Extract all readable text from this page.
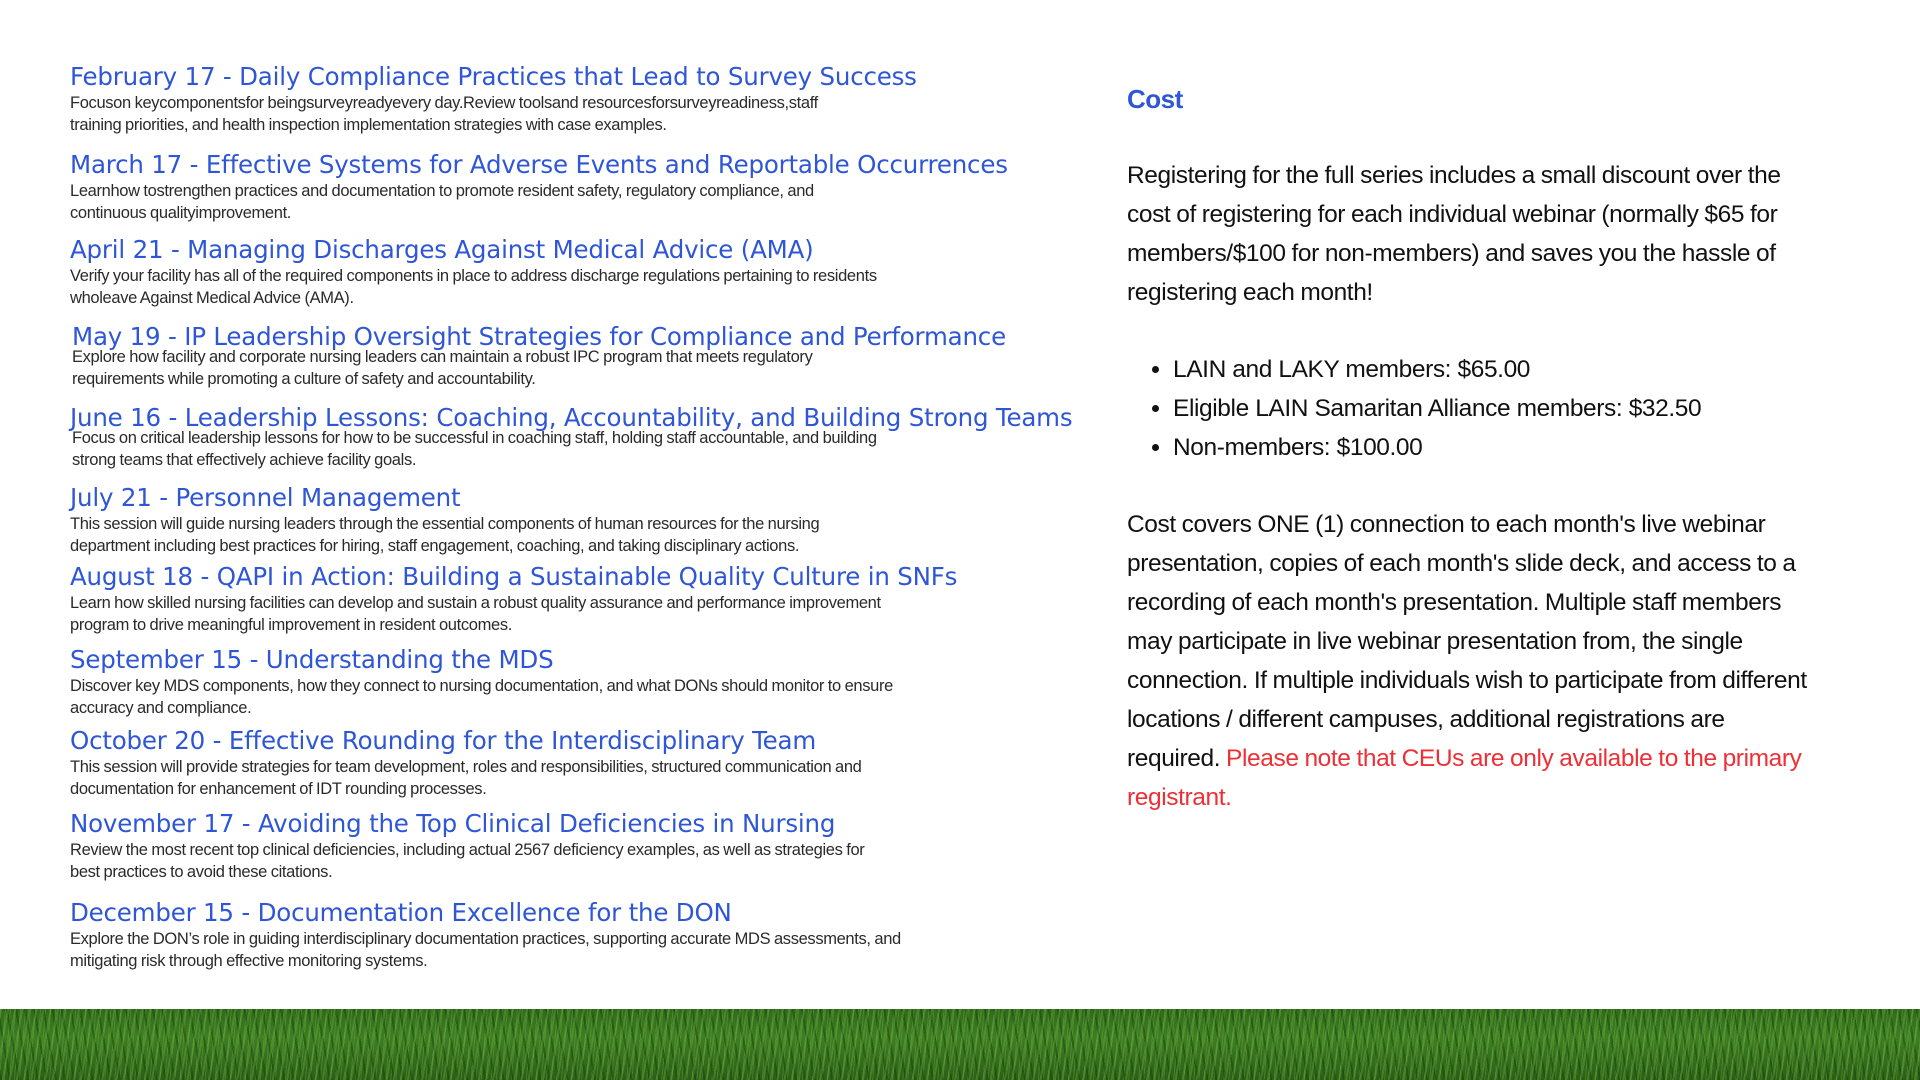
February 17 - Daily Compliance Practices that Lead to Survey Success
Focuson keycomponentsfor beingsurveyreadyevery day.Review toolsand resourcesforsurveyreadiness,staff
training priorities, and health inspection implementation strategies with case examples.
March 17 - Effective Systems for Adverse Events and Reportable Occurrences
Learnhow tostrengthen practices and documentation to promote resident safety, regulatory compliance, and
continuous qualityimprovement.
April 21 - Managing Discharges Against Medical Advice (AMA)
Verify your facility has all of the required components in place to address discharge regulations pertaining to residents
wholeave Against Medical Advice (AMA).
May 19 - IP Leadership Oversight Strategies for Compliance and Performance
Explore how facility and corporate nursing leaders can maintain a robust IPC program that meets regulatory
requirements while promoting a culture of safety and accountability.
June 16 - Leadership Lessons: Coaching, Accountability, and Building Strong Teams
Focus on critical leadership lessons for how to be successful in coaching staff, holding staff accountable, and building
strong teams that effectively achieve facility goals.
July 21 - Personnel Management
This session will guide nursing leaders through the essential components of human resources for the nursing
department including best practices for hiring, staff engagement, coaching, and taking disciplinary actions.
August 18 - QAPI in Action: Building a Sustainable Quality Culture in SNFs
Learn how skilled nursing facilities can develop and sustain a robust quality assurance and performance improvement
program to drive meaningful improvement in resident outcomes.
September 15 - Understanding the MDS
Discover key MDS components, how they connect to nursing documentation, and what DONs should monitor to ensure
accuracy and compliance.
October 20 - Effective Rounding for the Interdisciplinary Team
This session will provide strategies for team development, roles and responsibilities, structured communication and
documentation for enhancement of IDT rounding processes.
November 17 - Avoiding the Top Clinical Deficiencies in Nursing
Review the most recent top clinical deficiencies, including actual 2567 deficiency examples, as well as strategies for
best practices to avoid these citations.
December 15 - Documentation Excellence for the DON
Explore the DON’s role in guiding interdisciplinary documentation practices, supporting accurate MDS assessments, and
mitigating risk through effective monitoring systems.
Cost

Registering for the full series includes a small discount over the cost of registering for each individual webinar (normally $65 for members/$100 for non-members) and saves you the hassle of registering each month!

• LAIN and LAKY members: $65.00
• Eligible LAIN Samaritan Alliance members: $32.50
• Non-members: $100.00

Cost covers ONE (1) connection to each month's live webinar presentation, copies of each month's slide deck, and access to a recording of each month's presentation. Multiple staff members may participate in live webinar presentation from, the single connection. If multiple individuals wish to participate from different locations / different campuses, additional registrations are required. Please note that CEUs are only available to the primary registrant.
